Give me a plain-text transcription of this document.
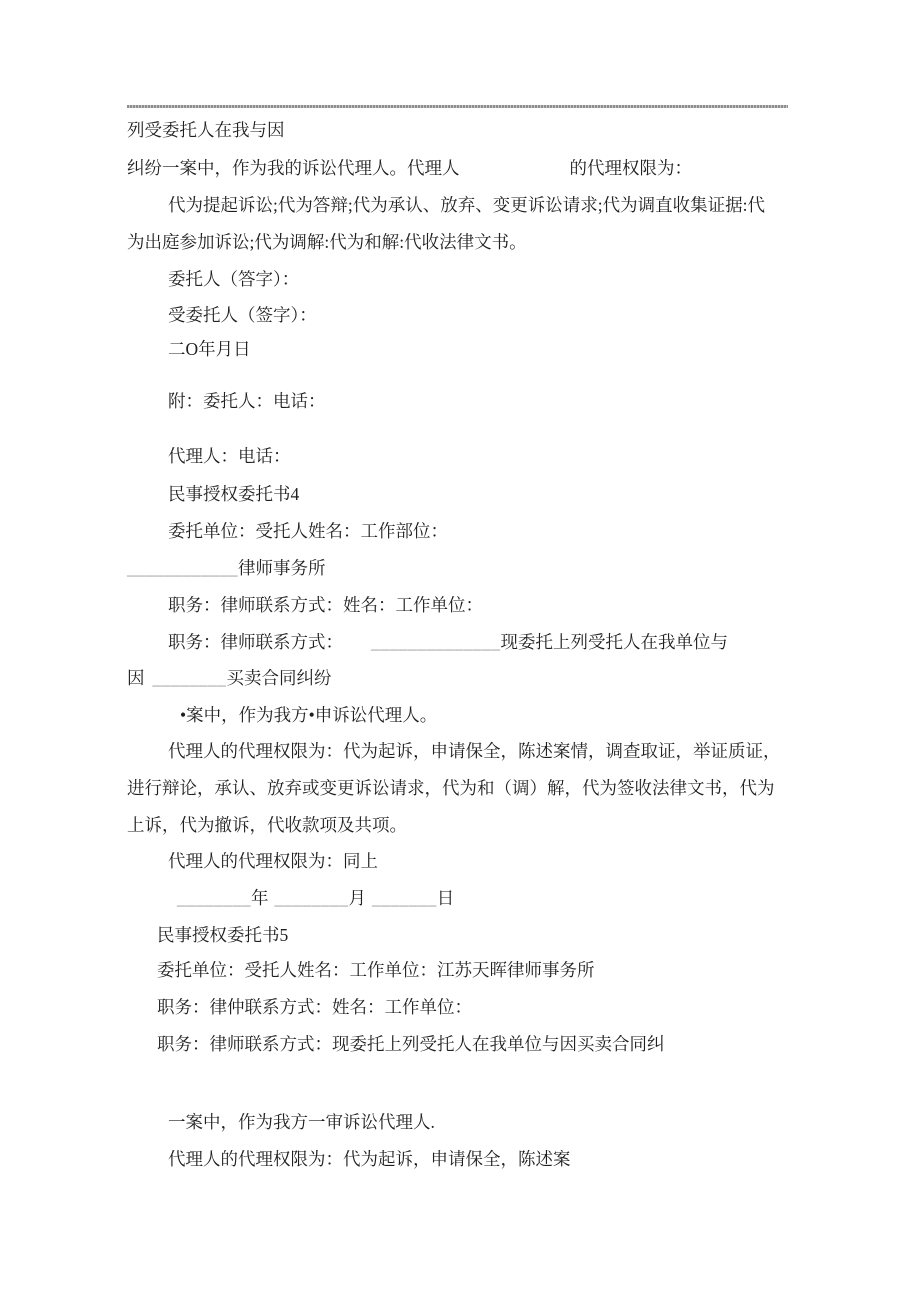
列受委托人在我与因
纠纷一案中，作为我的诉讼代理人。代理人	的代理权限为：
代为提起诉讼;代为答辩;代为承认、放弃、变更诉讼请求;代为调直收集证据:代
为出庭参加诉讼;代为调解:代为和解:代收法律文书。
委托人（答字）：
受委托人（签字）：
二O年月日
附：委托人：电话：
代理人：电话：
民事授权委托书4
委托单位：受托人姓名：工作部位：
____________律师事务所
职务：律师联系方式：姓名：工作单位：
职务：律师联系方式： ______________现委托上列受托人在我单位与
因 ________买卖合同纠纷
•案中，作为我方•申诉讼代理人。
代理人的代理权限为：代为起诉，申请保全，陈述案情，调查取证，举证质证，
进行辩论，承认、放弃或变更诉讼请求，代为和（调）解，代为签收法律文书，代为
上诉，代为撤诉，代收款项及共项。
代理人的代理权限为：同上
________年 ________月 _______日
民事授权委托书5
委托单位：受托人姓名：工作单位：江苏天晖律师事务所
职务：律仲联系方式：姓名：工作单位：
职务：律师联系方式：现委托上列受托人在我单位与因买卖合同纠
一案中，作为我方一审诉讼代理人.
代理人的代理权限为：代为起诉，申请保全，陈述案
